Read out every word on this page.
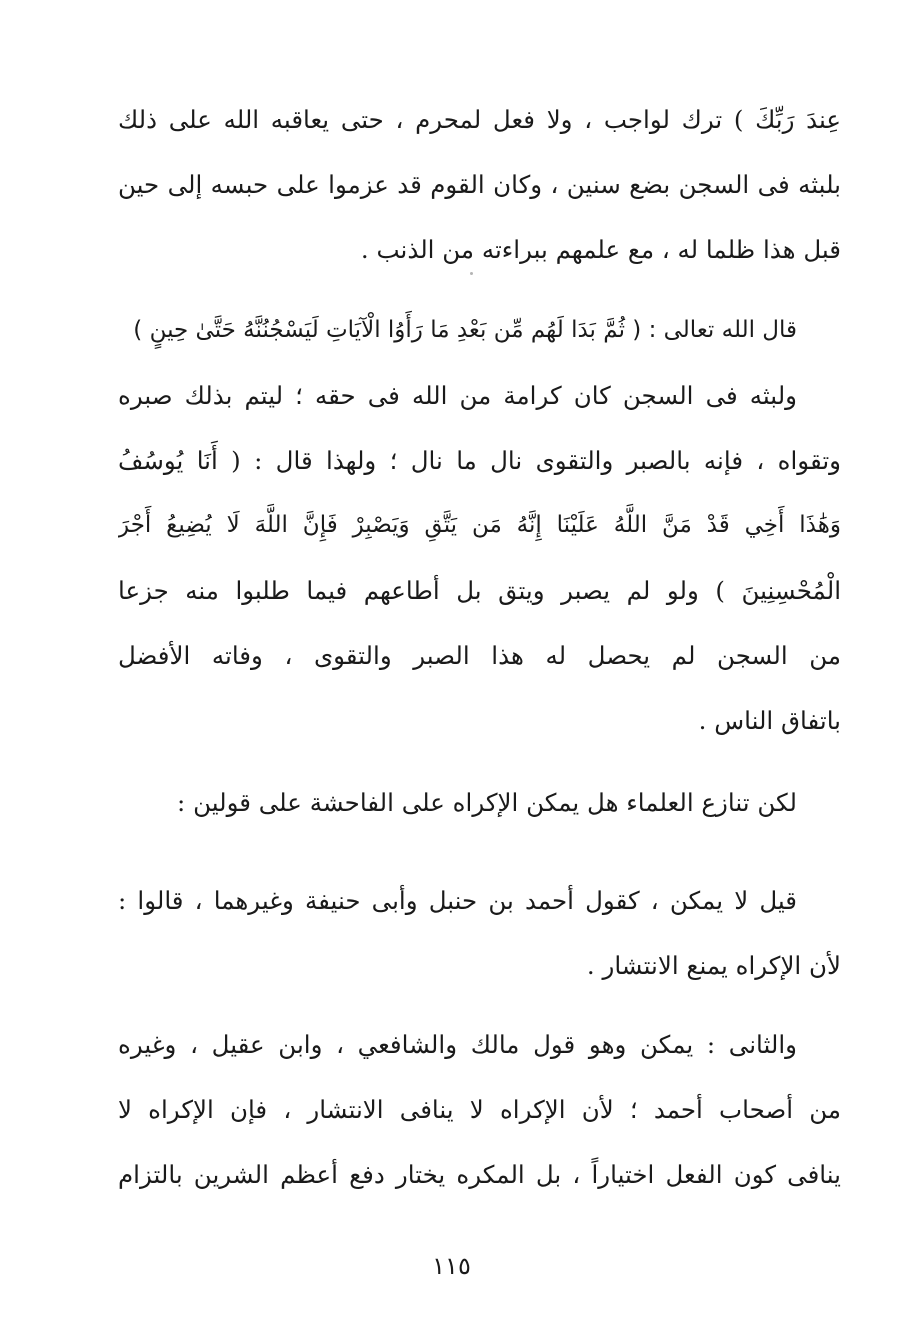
عِندَ رَبِّكَ ) ترك لواجب ، ولا فعل لمحرم ، حتى يعاقبه الله على ذلك
بلبثه فى السجن بضع سنين ، وكان القوم قد عزموا على حبسه إلى حين
قبل هذا ظلما له ، مع علمهم ببراءته من الذنب .
قال الله تعالى : ( ثُمَّ بَدَا لَهُم مِّن بَعْدِ مَا رَأَوُا الْآيَاتِ لَيَسْجُنُنَّهُ حَتَّىٰ حِينٍ )
ولبثه فى السجن كان كرامة من الله فى حقه ؛ ليتم بذلك صبره
وتقواه ، فإنه بالصبر والتقوى نال ما نال ؛ ولهذا قال : ( أَنَا يُوسُفُ
وَهَٰذَا أَخِي قَدْ مَنَّ اللَّهُ عَلَيْنَا إِنَّهُ مَن يَتَّقِ وَيَصْبِرْ فَإِنَّ اللَّهَ لَا يُضِيعُ أَجْرَ
الْمُحْسِنِينَ ) ولو لم يصبر ويتق بل أطاعهم فيما طلبوا منه جزعا
من السجن لم يحصل له هذا الصبر والتقوى ، وفاته الأفضل
باتفاق الناس .
لكن تنازع العلماء هل يمكن الإكراه على الفاحشة على قولين :
قيل لا يمكن ، كقول أحمد بن حنبل وأبى حنيفة وغيرهما ، قالوا :
لأن الإكراه يمنع الانتشار .
والثانى : يمكن وهو قول مالك والشافعي ، وابن عقيل ، وغيره
من أصحاب أحمد ؛ لأن الإكراه لا ينافى الانتشار ، فإن الإكراه لا
ينافى كون الفعل اختياراً ، بل المكره يختار دفع أعظم الشرين بالتزام
١١٥
